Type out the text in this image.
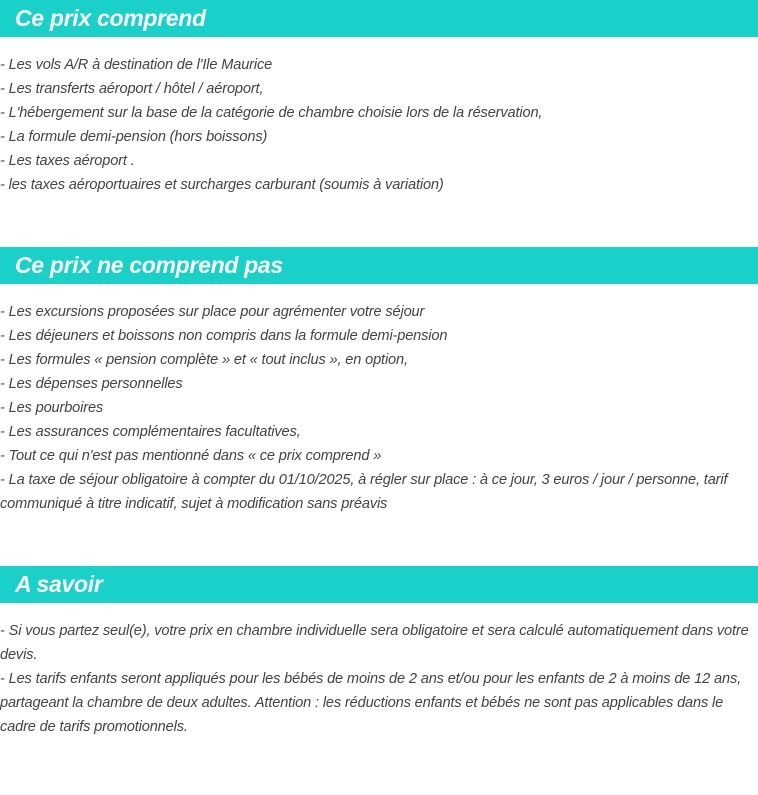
Ce prix comprend
- Les vols A/R à destination de l'Ile Maurice
- Les transferts aéroport / hôtel / aéroport,
- L'hébergement sur la base de la catégorie de chambre choisie lors de la réservation,
- La formule demi-pension (hors boissons)
- Les taxes aéroport .
- les taxes aéroportuaires et surcharges carburant (soumis à variation)
Ce prix ne comprend pas
- Les excursions proposées sur place pour agrémenter votre séjour
- Les déjeuners et boissons non compris dans la formule demi-pension
- Les formules « pension complète » et « tout inclus », en option,
- Les dépenses personnelles
- Les pourboires
- Les assurances complémentaires facultatives,
- Tout ce qui n'est pas mentionné dans « ce prix comprend »
- La taxe de séjour obligatoire à compter du 01/10/2025, à régler sur place : à ce jour, 3 euros / jour / personne, tarif communiqué à titre indicatif, sujet à modification sans préavis
A savoir
- Si vous partez seul(e), votre prix en chambre individuelle sera obligatoire et sera calculé automatiquement dans votre devis.
- Les tarifs enfants seront appliqués pour les bébés de moins de 2 ans et/ou pour les enfants de 2 à moins de 12 ans, partageant la chambre de deux adultes. Attention : les réductions enfants et bébés ne sont pas applicables dans le cadre de tarifs promotionnels.
